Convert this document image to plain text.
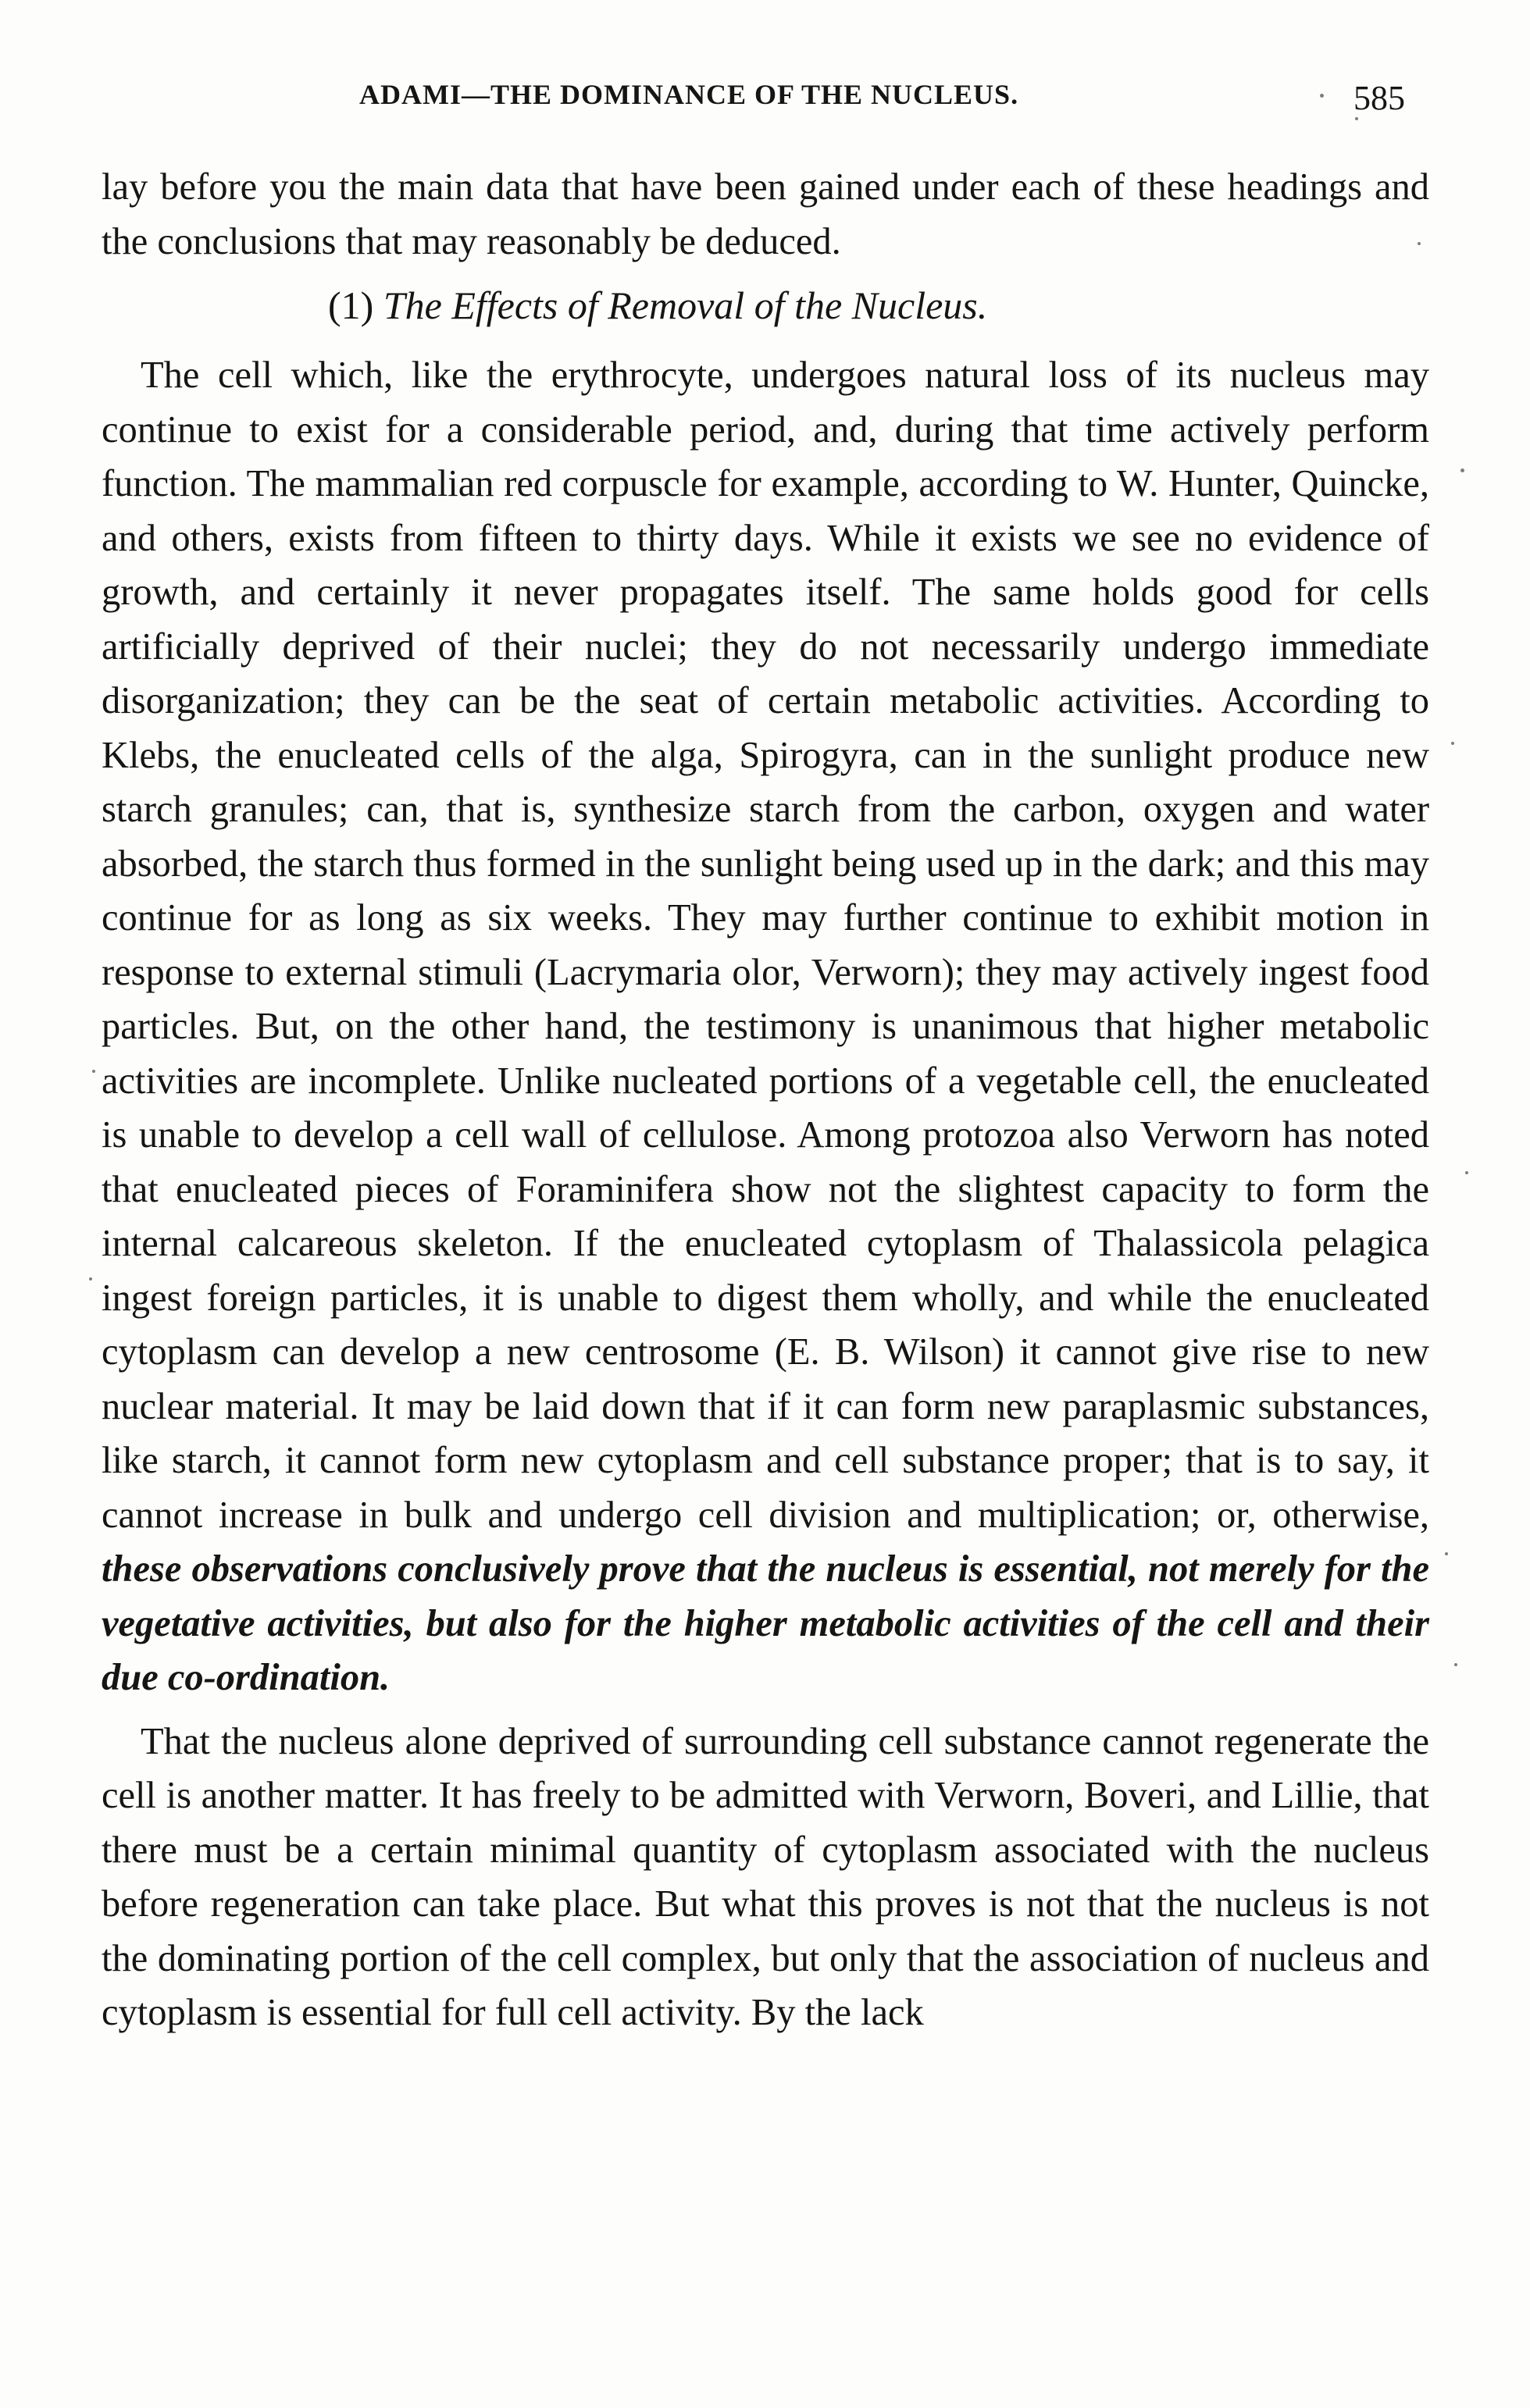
ADAMI—THE DOMINANCE OF THE NUCLEUS.	585

lay before you the main data that have been gained under each of these headings and the conclusions that may reasonably be deduced.

(1) The Effects of Removal of the Nucleus.

The cell which, like the erythrocyte, undergoes natural loss of its nucleus may continue to exist for a considerable period, and, during that time actively perform function. The mammalian red corpuscle for example, according to W. Hunter, Quincke, and others, exists from fifteen to thirty days. While it exists we see no evidence of growth, and certainly it never propagates itself. The same holds good for cells artificially deprived of their nuclei; they do not necessarily undergo immediate disorganization; they can be the seat of certain metabolic activities. According to Klebs, the enucleated cells of the alga, Spirogyra, can in the sunlight produce new starch granules; can, that is, synthesize starch from the carbon, oxygen and water absorbed, the starch thus formed in the sunlight being used up in the dark; and this may continue for as long as six weeks. They may further continue to exhibit motion in response to external stimuli (Lacrymaria olor, Verworn); they may actively ingest food particles. But, on the other hand, the testimony is unanimous that higher metabolic activities are incomplete. Unlike nucleated portions of a vegetable cell, the enucleated is unable to develop a cell wall of cellulose. Among protozoa also Verworn has noted that enucleated pieces of Foraminifera show not the slightest capacity to form the internal calcareous skeleton. If the enucleated cytoplasm of Thalassicola pelagica ingest foreign particles, it is unable to digest them wholly, and while the enucleated cytoplasm can develop a new centrosome (E. B. Wilson) it cannot give rise to new nuclear material. It may be laid down that if it can form new paraplasmic substances, like starch, it cannot form new cytoplasm and cell substance proper; that is to say, it cannot increase in bulk and undergo cell division and multiplication; or, otherwise, these observations conclusively prove that the nucleus is essential, not merely for the vegetative activities, but also for the higher metabolic activities of the cell and their due co-ordination.

That the nucleus alone deprived of surrounding cell substance cannot regenerate the cell is another matter. It has freely to be admitted with Verworn, Boveri, and Lillie, that there must be a certain minimal quantity of cytoplasm associated with the nucleus before regeneration can take place. But what this proves is not that the nucleus is not the dominating portion of the cell complex, but only that the association of nucleus and cytoplasm is essential for full cell activity. By the lack
